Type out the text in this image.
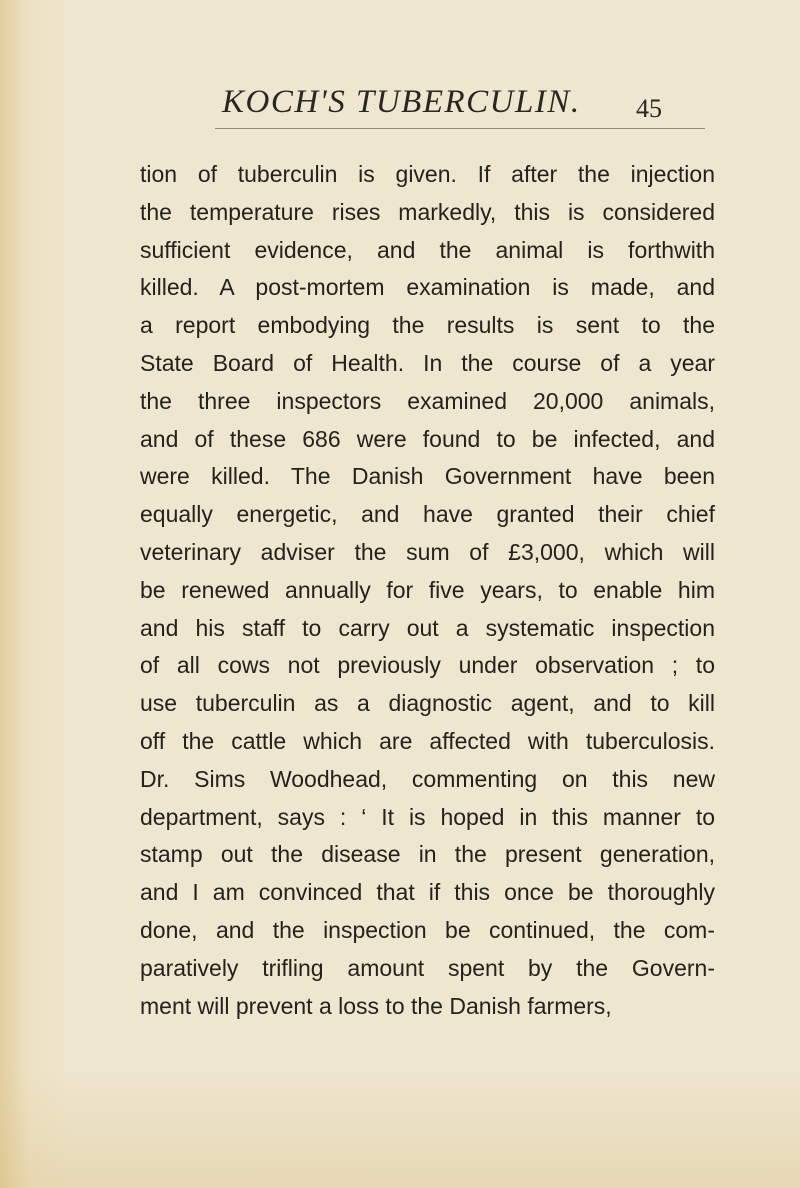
KOCH'S TUBERCULIN. 45
tion of tuberculin is given. If after the injection
the temperature rises markedly, this is considered
sufficient evidence, and the animal is forthwith
killed. A post-mortem examination is made, and
a report embodying the results is sent to the
State Board of Health. In the course of a year
the three inspectors examined 20,000 animals,
and of these 686 were found to be infected, and
were killed. The Danish Government have been
equally energetic, and have granted their chief
veterinary adviser the sum of £3,000, which will
be renewed annually for five years, to enable him
and his staff to carry out a systematic inspection
of all cows not previously under observation ; to
use tuberculin as a diagnostic agent, and to kill
off the cattle which are affected with tuberculosis.
Dr. Sims Woodhead, commenting on this new
department, says : ‘ It is hoped in this manner to
stamp out the disease in the present generation,
and I am convinced that if this once be thoroughly
done, and the inspection be continued, the com-
paratively trifling amount spent by the Govern-
ment will prevent a loss to the Danish farmers,
